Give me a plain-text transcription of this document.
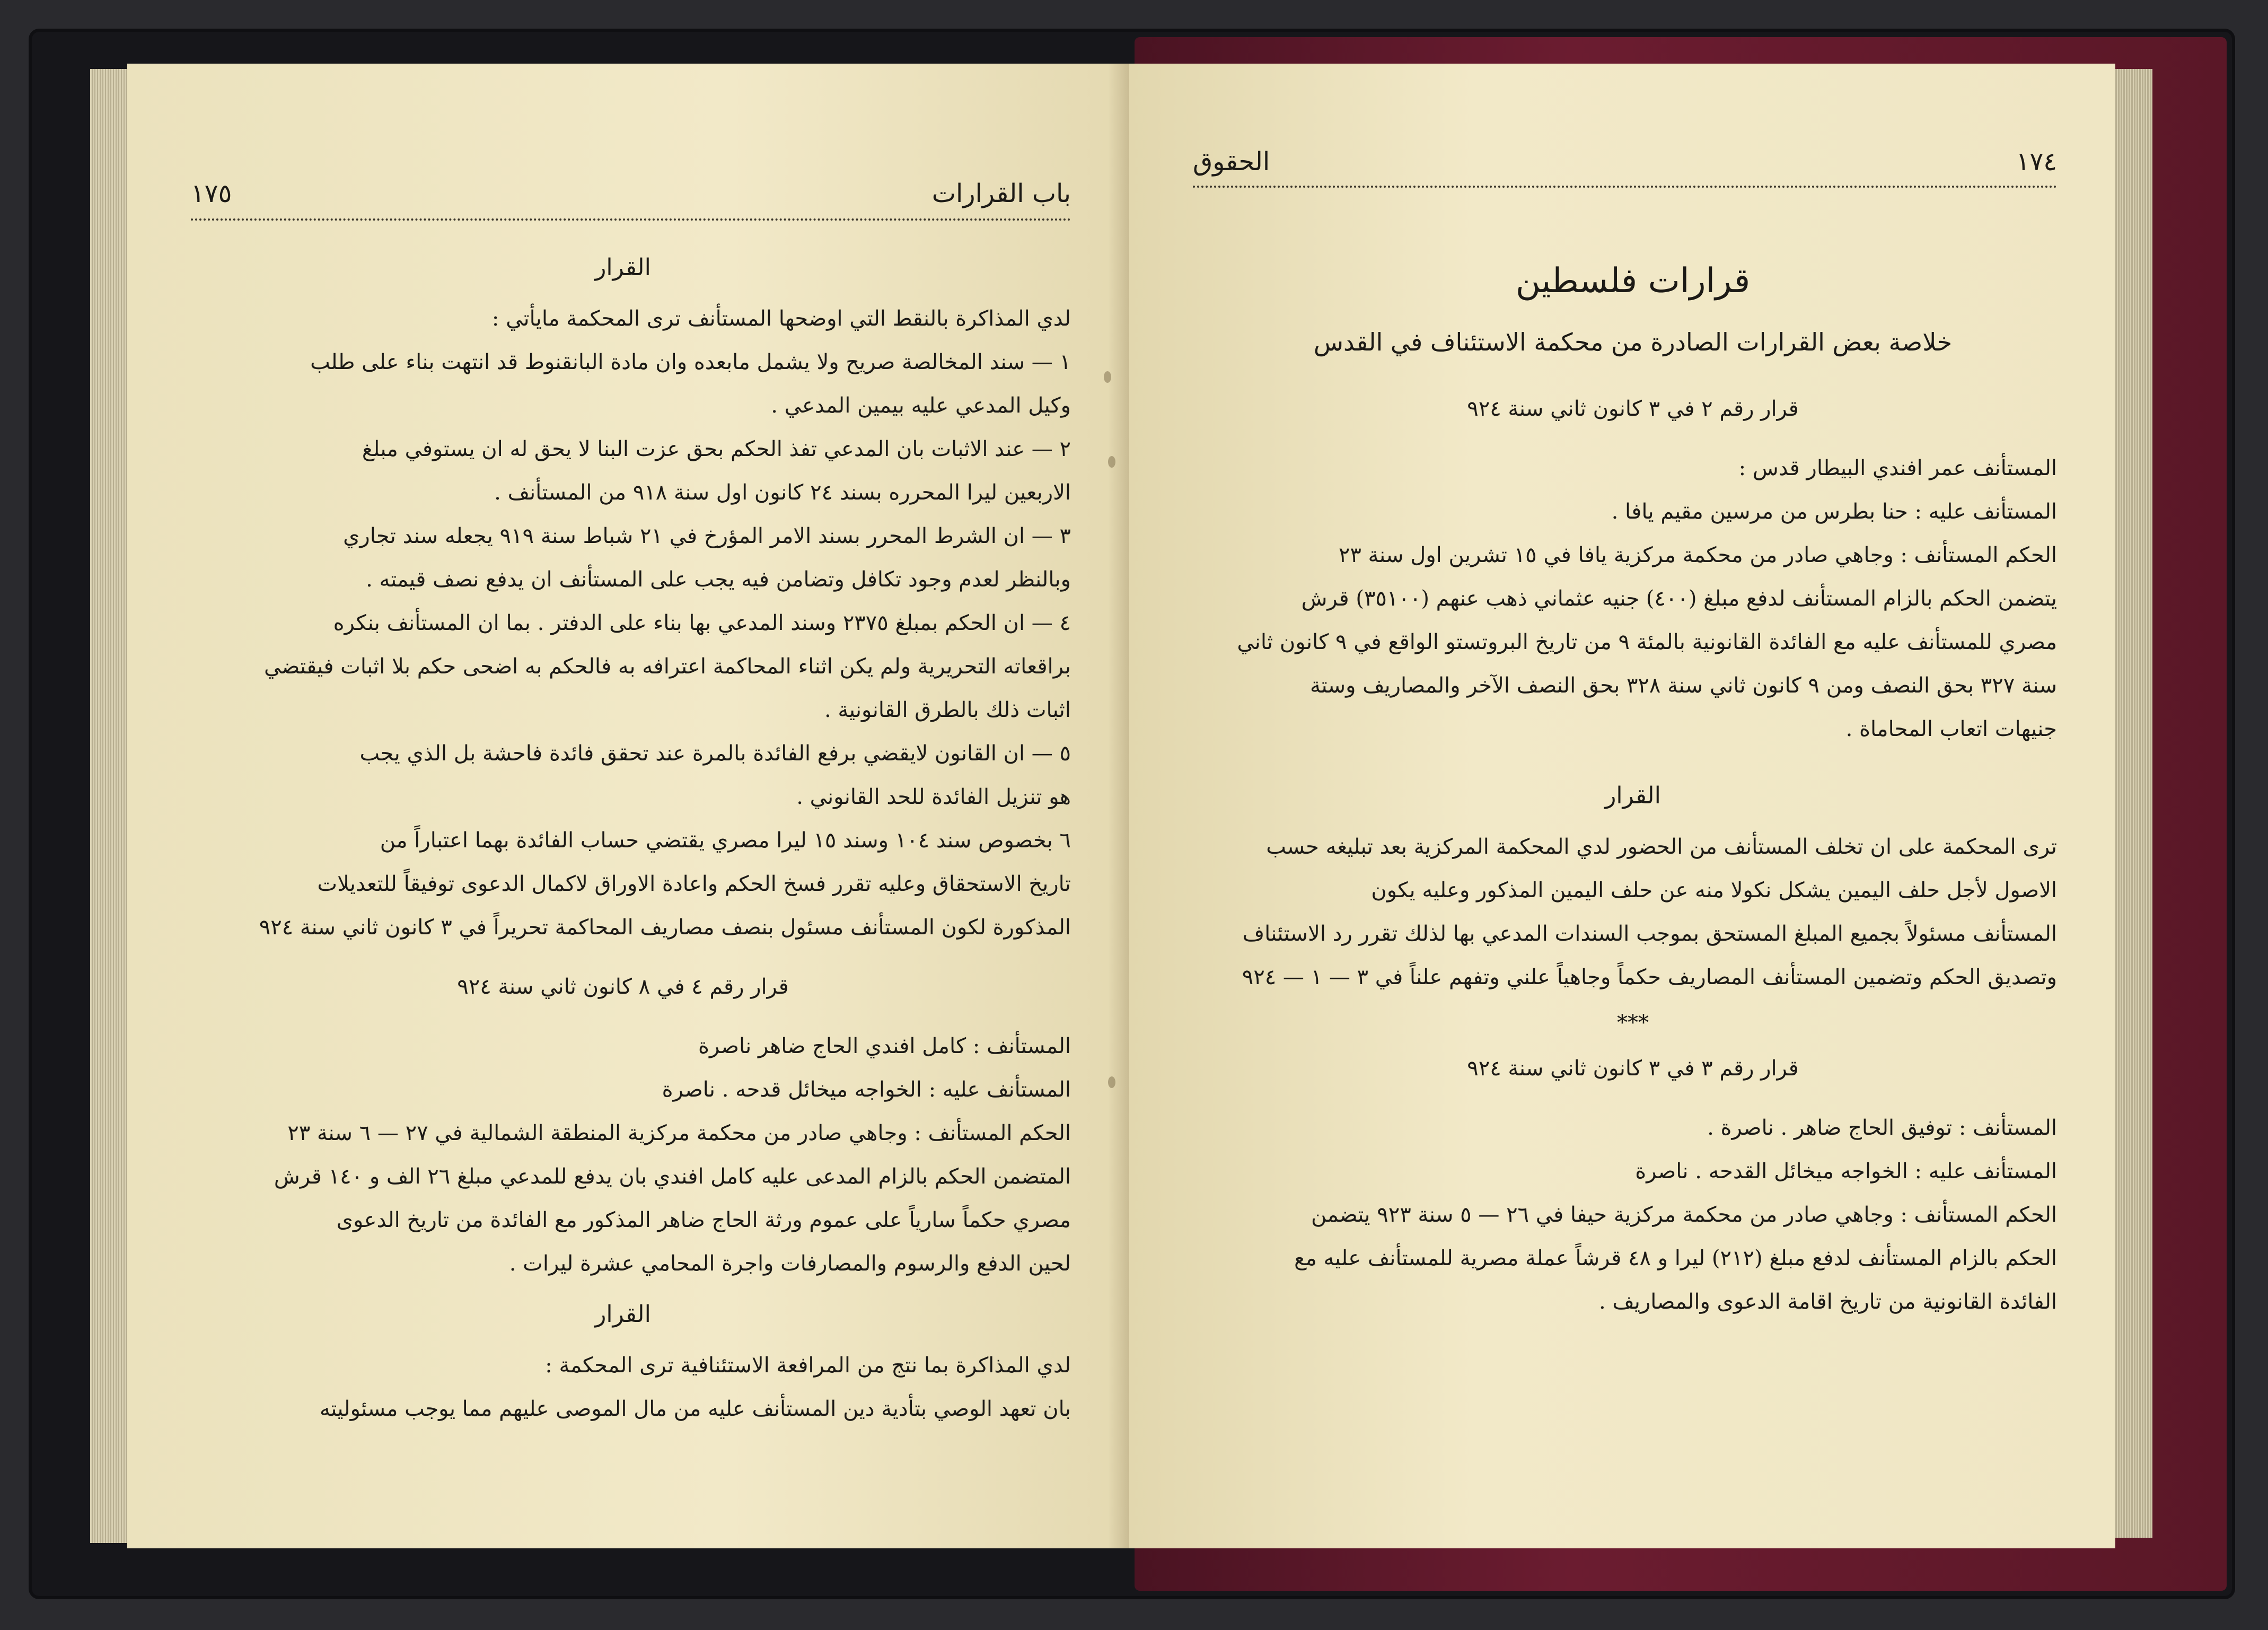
باب القرارات
١٧٥
القرار
لدي المذاكرة بالنقط التي اوضحها المستأنف ترى المحكمة مايأتي :
١ — سند المخالصة صريح ولا يشمل مابعده وان مادة البانقنوط قد انتهت بناء على طلب
وكيل المدعي عليه بيمين المدعي .
٢ — عند الاثبات بان المدعي تفذ الحكم بحق عزت البنا لا يحق له ان يستوفي مبلغ
الاربعين ليرا المحرره بسند ٢٤ كانون اول سنة ٩١٨ من المستأنف .
٣ — ان الشرط المحرر بسند الامر المؤرخ في ٢١ شباط سنة ٩١٩ يجعله سند تجاري
وبالنظر لعدم وجود تكافل وتضامن فيه يجب على المستأنف ان يدفع نصف قيمته .
٤ — ان الحكم بمبلغ ٢٣٧٥ وسند المدعي بها بناء على الدفتر . بما ان المستأنف بنكره
براقعاته التحريرية ولم يكن اثناء المحاكمة اعترافه به فالحكم به اضحى حكم بلا اثبات فيقتضي
اثبات ذلك بالطرق القانونية .
٥ — ان القانون لايقضي برفع الفائدة بالمرة عند تحقق فائدة فاحشة بل الذي يجب
هو تنزيل الفائدة للحد القانوني .
٦ بخصوص سند ١٠٤ وسند ١٥ ليرا مصري يقتضي حساب الفائدة بهما اعتباراً من
تاريخ الاستحقاق وعليه تقرر فسخ الحكم واعادة الاوراق لاكمال الدعوى توفيقاً للتعديلات
المذكورة لكون المستأنف مسئول بنصف مصاريف المحاكمة تحريراً في ٣ كانون ثاني سنة ٩٢٤
قرار رقم ٤ في ٨ كانون ثاني سنة ٩٢٤
المستأنف : كامل افندي الحاج ضاهر ناصرة
المستأنف عليه : الخواجه ميخائل قدحه . ناصرة
الحكم المستأنف : وجاهي صادر من محكمة مركزية المنطقة الشمالية في ٢٧ — ٦ سنة ٢٣
المتضمن الحكم بالزام المدعى عليه كامل افندي بان يدفع للمدعي مبلغ ٢٦ الف و ١٤٠ قرش
مصري حكماً سارياً على عموم ورثة الحاج ضاهر المذكور مع الفائدة من تاريخ الدعوى
لحين الدفع والرسوم والمصارفات واجرة المحامي عشرة ليرات .
القرار
لدي المذاكرة بما نتج من المرافعة الاستئنافية ترى المحكمة :
بان تعهد الوصي بتأدية دين المستأنف عليه من مال الموصى عليهم مما يوجب مسئوليته
١٧٤
الحقوق
قرارات فلسطين
خلاصة بعض القرارات الصادرة من محكمة الاستئناف في القدس
قرار رقم ٢ في ٣ كانون ثاني سنة ٩٢٤
المستأنف عمر افندي البيطار قدس :
المستأنف عليه : حنا بطرس من مرسين مقيم يافا .
الحكم المستأنف : وجاهي صادر من محكمة مركزية يافا في ١٥ تشرين اول سنة ٢٣
يتضمن الحكم بالزام المستأنف لدفع مبلغ (٤٠٠) جنيه عثماني ذهب عنهم (٣٥١٠٠) قرش
مصري للمستأنف عليه مع الفائدة القانونية بالمئة ٩ من تاريخ البروتستو الواقع في ٩ كانون ثاني
سنة ٣٢٧ بحق النصف ومن ٩ كانون ثاني سنة ٣٢٨ بحق النصف الآخر والمصاريف وستة
جنيهات اتعاب المحاماة .
القرار
ترى المحكمة على ان تخلف المستأنف من الحضور لدي المحكمة المركزية بعد تبليغه حسب
الاصول لأجل حلف اليمين يشكل نكولا منه عن حلف اليمين المذكور وعليه يكون
المستأنف مسئولاً بجميع المبلغ المستحق بموجب السندات المدعي بها لذلك تقرر رد الاستئناف
وتصديق الحكم وتضمين المستأنف المصاريف حكماً وجاهياً علني وتفهم علناً في ٣ — ١ — ٩٢٤
***
قرار رقم ٣ في ٣ كانون ثاني سنة ٩٢٤
المستأنف : توفيق الحاج ضاهر . ناصرة .
المستأنف عليه : الخواجه ميخائل القدحه . ناصرة
الحكم المستأنف : وجاهي صادر من محكمة مركزية حيفا في ٢٦ — ٥ سنة ٩٢٣ يتضمن
الحكم بالزام المستأنف لدفع مبلغ (٢١٢) ليرا و ٤٨ قرشاً عملة مصرية للمستأنف عليه مع
الفائدة القانونية من تاريخ اقامة الدعوى والمصاريف .
